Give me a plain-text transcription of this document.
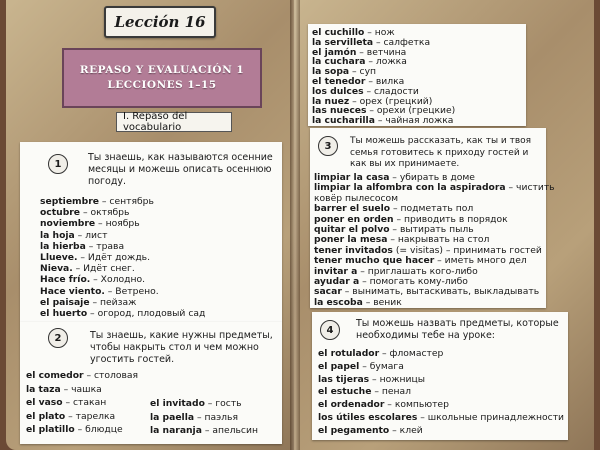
Lección 16
REPASO Y EVALUACIÓN 1
LECCIONES 1–15
I. Repaso del vocabulario
1
Ты знаешь, как называются осенние месяцы и можешь описать осеннюю погоду.
septiembre – сентябрь
octubre – октябрь
noviembre – ноябрь
la hoja – лист
la hierba – трава
Llueve. – Идёт дождь.
Nieva. – Идёт снег.
Hace frío. – Холодно.
Hace viento. – Ветрено.
el paisaje – пейзаж
el huerto – огород, плодовый сад
2	Ты знаешь, какие нужны предметы, чтобы накрыть стол и чем можно угостить гостей.
el comedor – столовая
la taza – чашка
el vaso – стакан
el plato – тарелка
el platillo – блюдце
el invitado – гость
la paella – паэлья
la naranja – апельсин
el cuchillo – нож
la servilleta – салфетка
el jamón – ветчина
la cuchara – ложка
la sopa – суп
el tenedor – вилка
los dulces – сладости
la nuez – орех (грецкий)
las nueces – орехи (грецкие)
la cucharilla – чайная ложка
3	Ты можешь рассказать, как ты и твоя семья готовитесь к приходу гостей и как вы их принимаете.
limpiar la casa – убирать в доме
limpiar la alfombra con la aspiradora – чистить
ковёр пылесосом
barrer el suelo – подметать пол
poner en orden – приводить в порядок
quitar el polvo – вытирать пыль
poner la mesa – накрывать на стол
tener invitados (= visitas) – принимать гостей
tener mucho que hacer – иметь много дел
invitar a – приглашать кого-либо
ayudar a – помогать кому-либо
sacar – вынимать, вытаскивать, выкладывать
la escoba – веник
4
Ты можешь назвать предметы, которые необходимы тебе на уроке:
el rotulador – фломастер
el papel – бумага
las tijeras – ножницы
el estuche – пенал
el ordenador – компьютер
los útiles escolares – школьные принадлежности
el pegamento – клей
